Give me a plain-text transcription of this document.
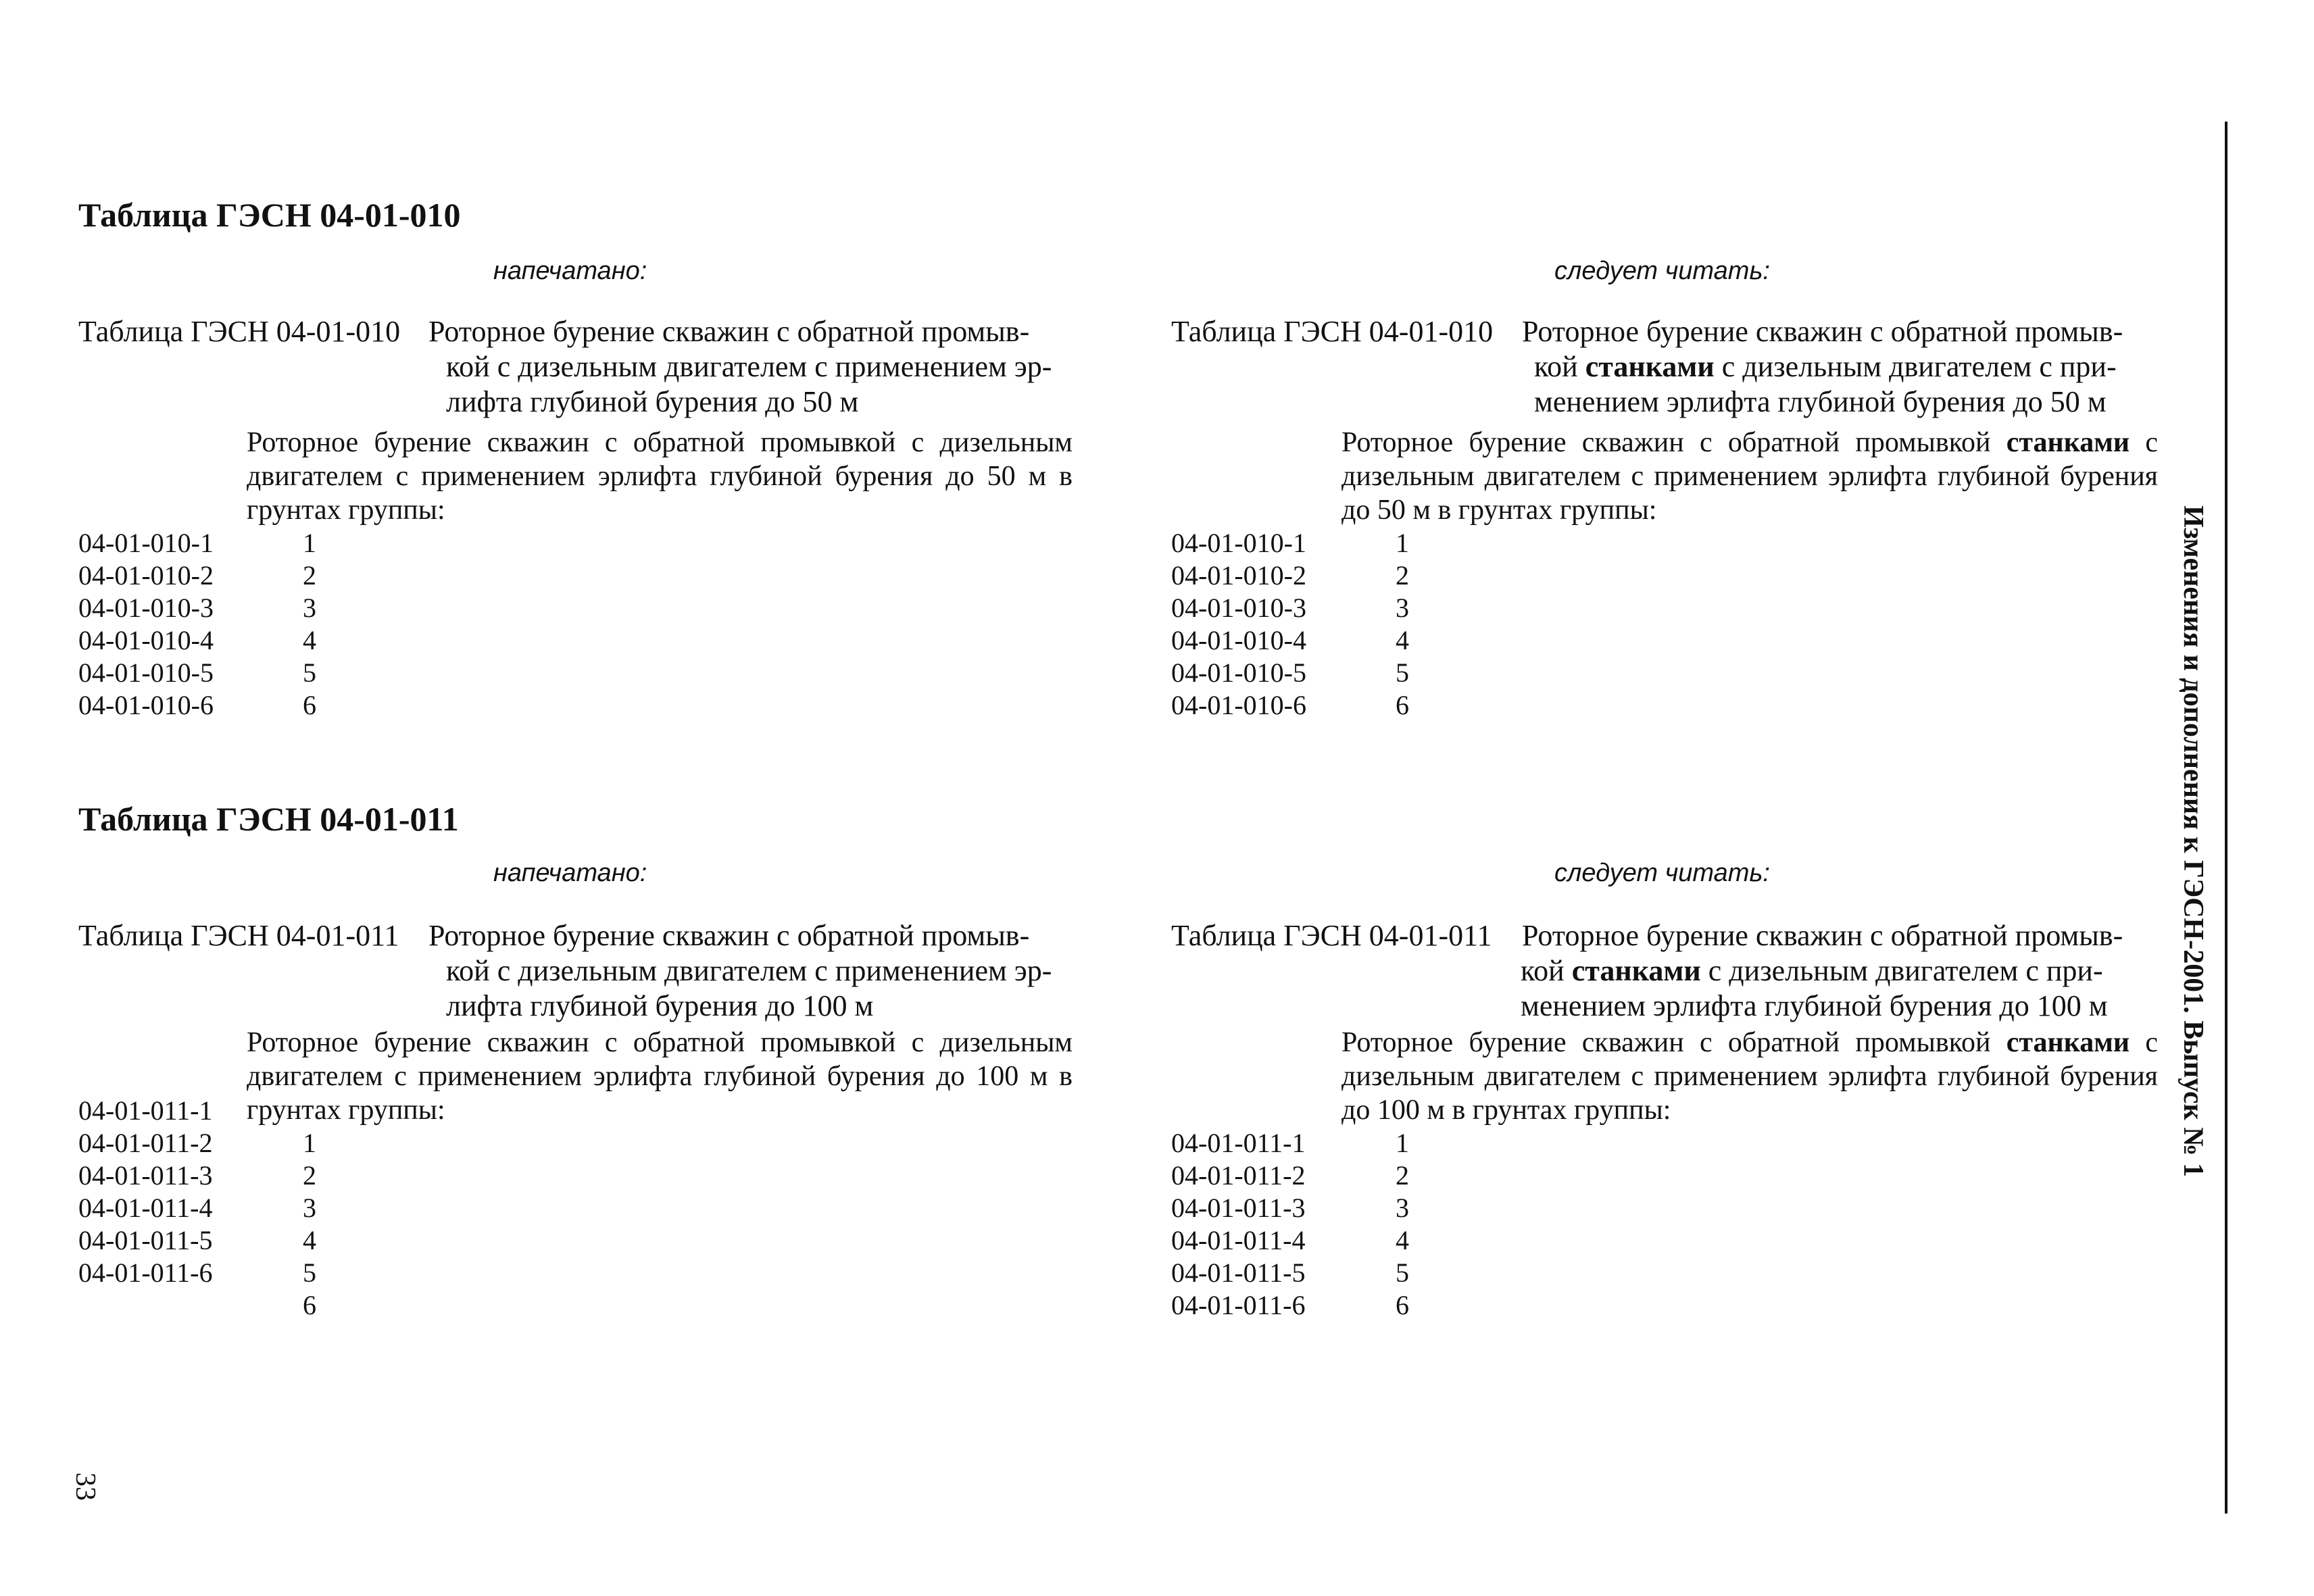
Таблица ГЭСН 04-01-010
напечатано:
Таблица ГЭСН 04-01-010 Роторное бурение скважин с обратной промыв-
кой с дизельным двигателем с применением эр-
лифта глубиной бурения до 50 м
Роторное бурение скважин с обратной промывкой с дизельным
двигателем с применением эрлифта глубиной бурения до 50 м в
грунтах группы:
04-01-010-1
04-01-010-2
04-01-010-3
04-01-010-4
04-01-010-5
04-01-010-6
1
2
3
4
5
6
следует читать:
Таблица ГЭСН 04-01-010 Роторное бурение скважин с обратной промыв-
кой станками с дизельным двигателем с при-
менением эрлифта глубиной бурения до 50 м
Роторное бурение скважин с обратной промывкой станками с
дизельным двигателем с применением эрлифта глубиной бурения
до 50 м в грунтах группы:
04-01-010-1
04-01-010-2
04-01-010-3
04-01-010-4
04-01-010-5
04-01-010-6
1
2
3
4
5
6
Таблица ГЭСН 04-01-011
напечатано:
Таблица ГЭСН 04-01-011 Роторное бурение скважин с обратной промыв-
кой с дизельным двигателем с применением эр-
лифта глубиной бурения до 100 м
Роторное бурение скважин с обратной промывкой с дизельным
двигателем с применением эрлифта глубиной бурения до 100 м в
грунтах группы:
04-01-011-1
04-01-011-2
04-01-011-3
04-01-011-4
04-01-011-5
04-01-011-6
1
2
3
4
5
6
следует читать:
Таблица ГЭСН 04-01-011 Роторное бурение скважин с обратной промыв-
кой станками с дизельным двигателем с при-
менением эрлифта глубиной бурения до 100 м
Роторное бурение скважин с обратной промывкой станками с
дизельным двигателем с применением эрлифта глубиной бурения
до 100 м в грунтах группы:
04-01-011-1
04-01-011-2
04-01-011-3
04-01-011-4
04-01-011-5
04-01-011-6
1
2
3
4
5
6
Изменения и дополнения к ГЭСН-2001. Выпуск № 1
33
